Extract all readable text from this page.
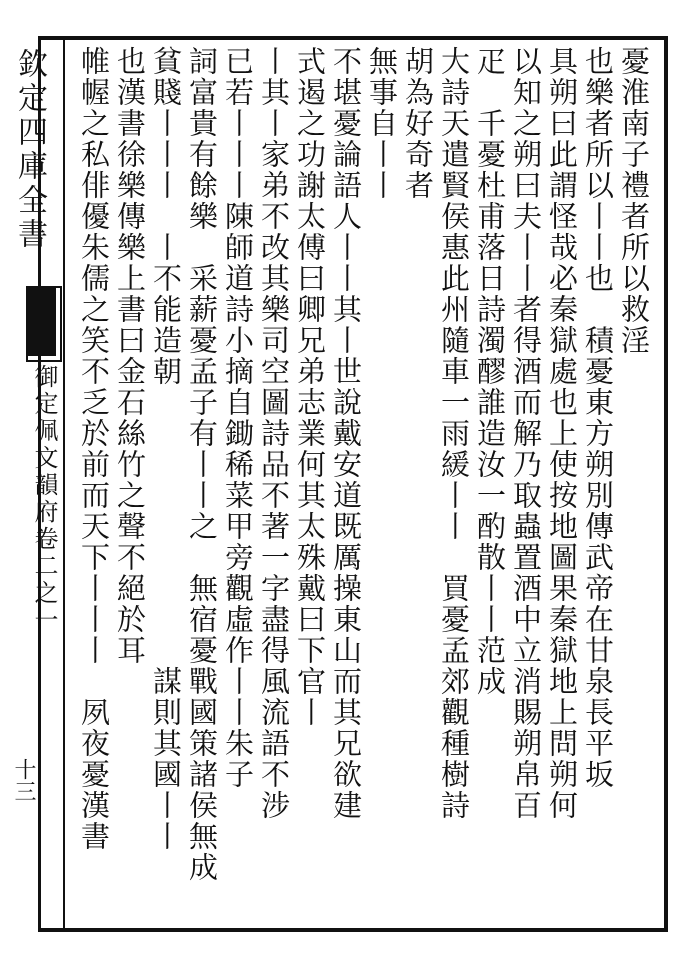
欽定四庫全書
御定佩文韻府卷二之一
十三
憂淮南子禮者所以救淫
也樂者所以丨丨也　積憂東方朔別傳武帝在甘泉長平坂
具朔曰此謂怪哉必秦獄處也上使按地圖果秦獄地上問朔何
以知之朔曰夫丨丨者得酒而解乃取蟲置酒中立消賜朔帛百
疋　千憂杜甫落日詩濁醪誰造汝一酌散丨丨范成
大詩天遣賢侯惠此州隨車一雨緩丨丨　買憂孟郊觀種樹詩
胡為好奇者
無事自丨丨
不堪憂論語人丨丨其丨世說戴安道既厲操東山而其兄欲建
式遏之功謝太傅曰卿兄弟志業何其太殊戴曰下官丨
丨其丨家弟不改其樂司空圖詩品不著一字盡得風流語不涉
已若丨丨丨陳師道詩小摘自鋤稀菜甲旁觀虛作丨丨朱子
詞富貴有餘樂　采薪憂孟子有丨丨之　無宿憂戰國策諸侯無成
貧賤丨丨丨　丨不能造朝　　　　　　　　　謀則其國丨丨
也漢書徐樂傳樂上書曰金石絲竹之聲不絕於耳
帷幄之私俳優朱儒之笑不乏於前而天下丨丨丨　夙夜憂漢書
